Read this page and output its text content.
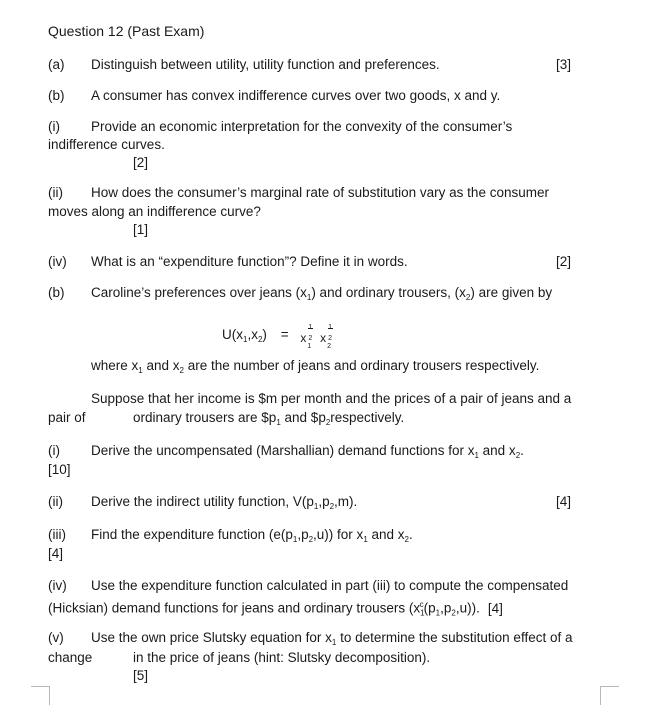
Question 12 (Past Exam)
(a) Distinguish between utility, utility function and preferences.	[3]
(b) A consumer has convex indifference curves over two goods, x and y.
(i) Provide an economic interpretation for the convexity of the consumer’s
indifference curves.
[2]
(ii) How does the consumer’s marginal rate of substitution vary as the consumer
moves along an indifference curve?
[1]
(iv) What is an “expenditure function”? Define it in words.	[2]
(b) Caroline’s preferences over jeans $(x_1)$ and ordinary trousers, $(x_2)$ are given by
$U(x_1,x_2) = x$
1
2
1

x
1
2
2
where $x_1$ and $x_2$ are the number of jeans and ordinary trousers respectively.
Suppose that her income is $m per month and the prices of a pair of jeans and a
pair of	ordinary trousers are $\$p_1$ and $\$p_2respectively$.
(i) Derive the uncompensated (Marshallian) demand functions for $x_1$ and $x_2$.
[10]
(ii) Derive the indirect utility function, $V(p_1,p_2,m)$.	[4]
(iii) Find the expenditure function $(e(p_1,p_2,u))$ for $x_1$ and $x_2$.
[4]
(iv) Use the expenditure function calculated in part (iii) to compute the compensated
(Hicksian) demand functions for jeans and ordinary trousers $(x_1^c(p_1,p_2,u))$. [4]
(v) Use the own price Slutsky equation for $x_1$ to determine the substitution effect of a
change	in the price of jeans (hint: Slutsky decomposition).
[5]
